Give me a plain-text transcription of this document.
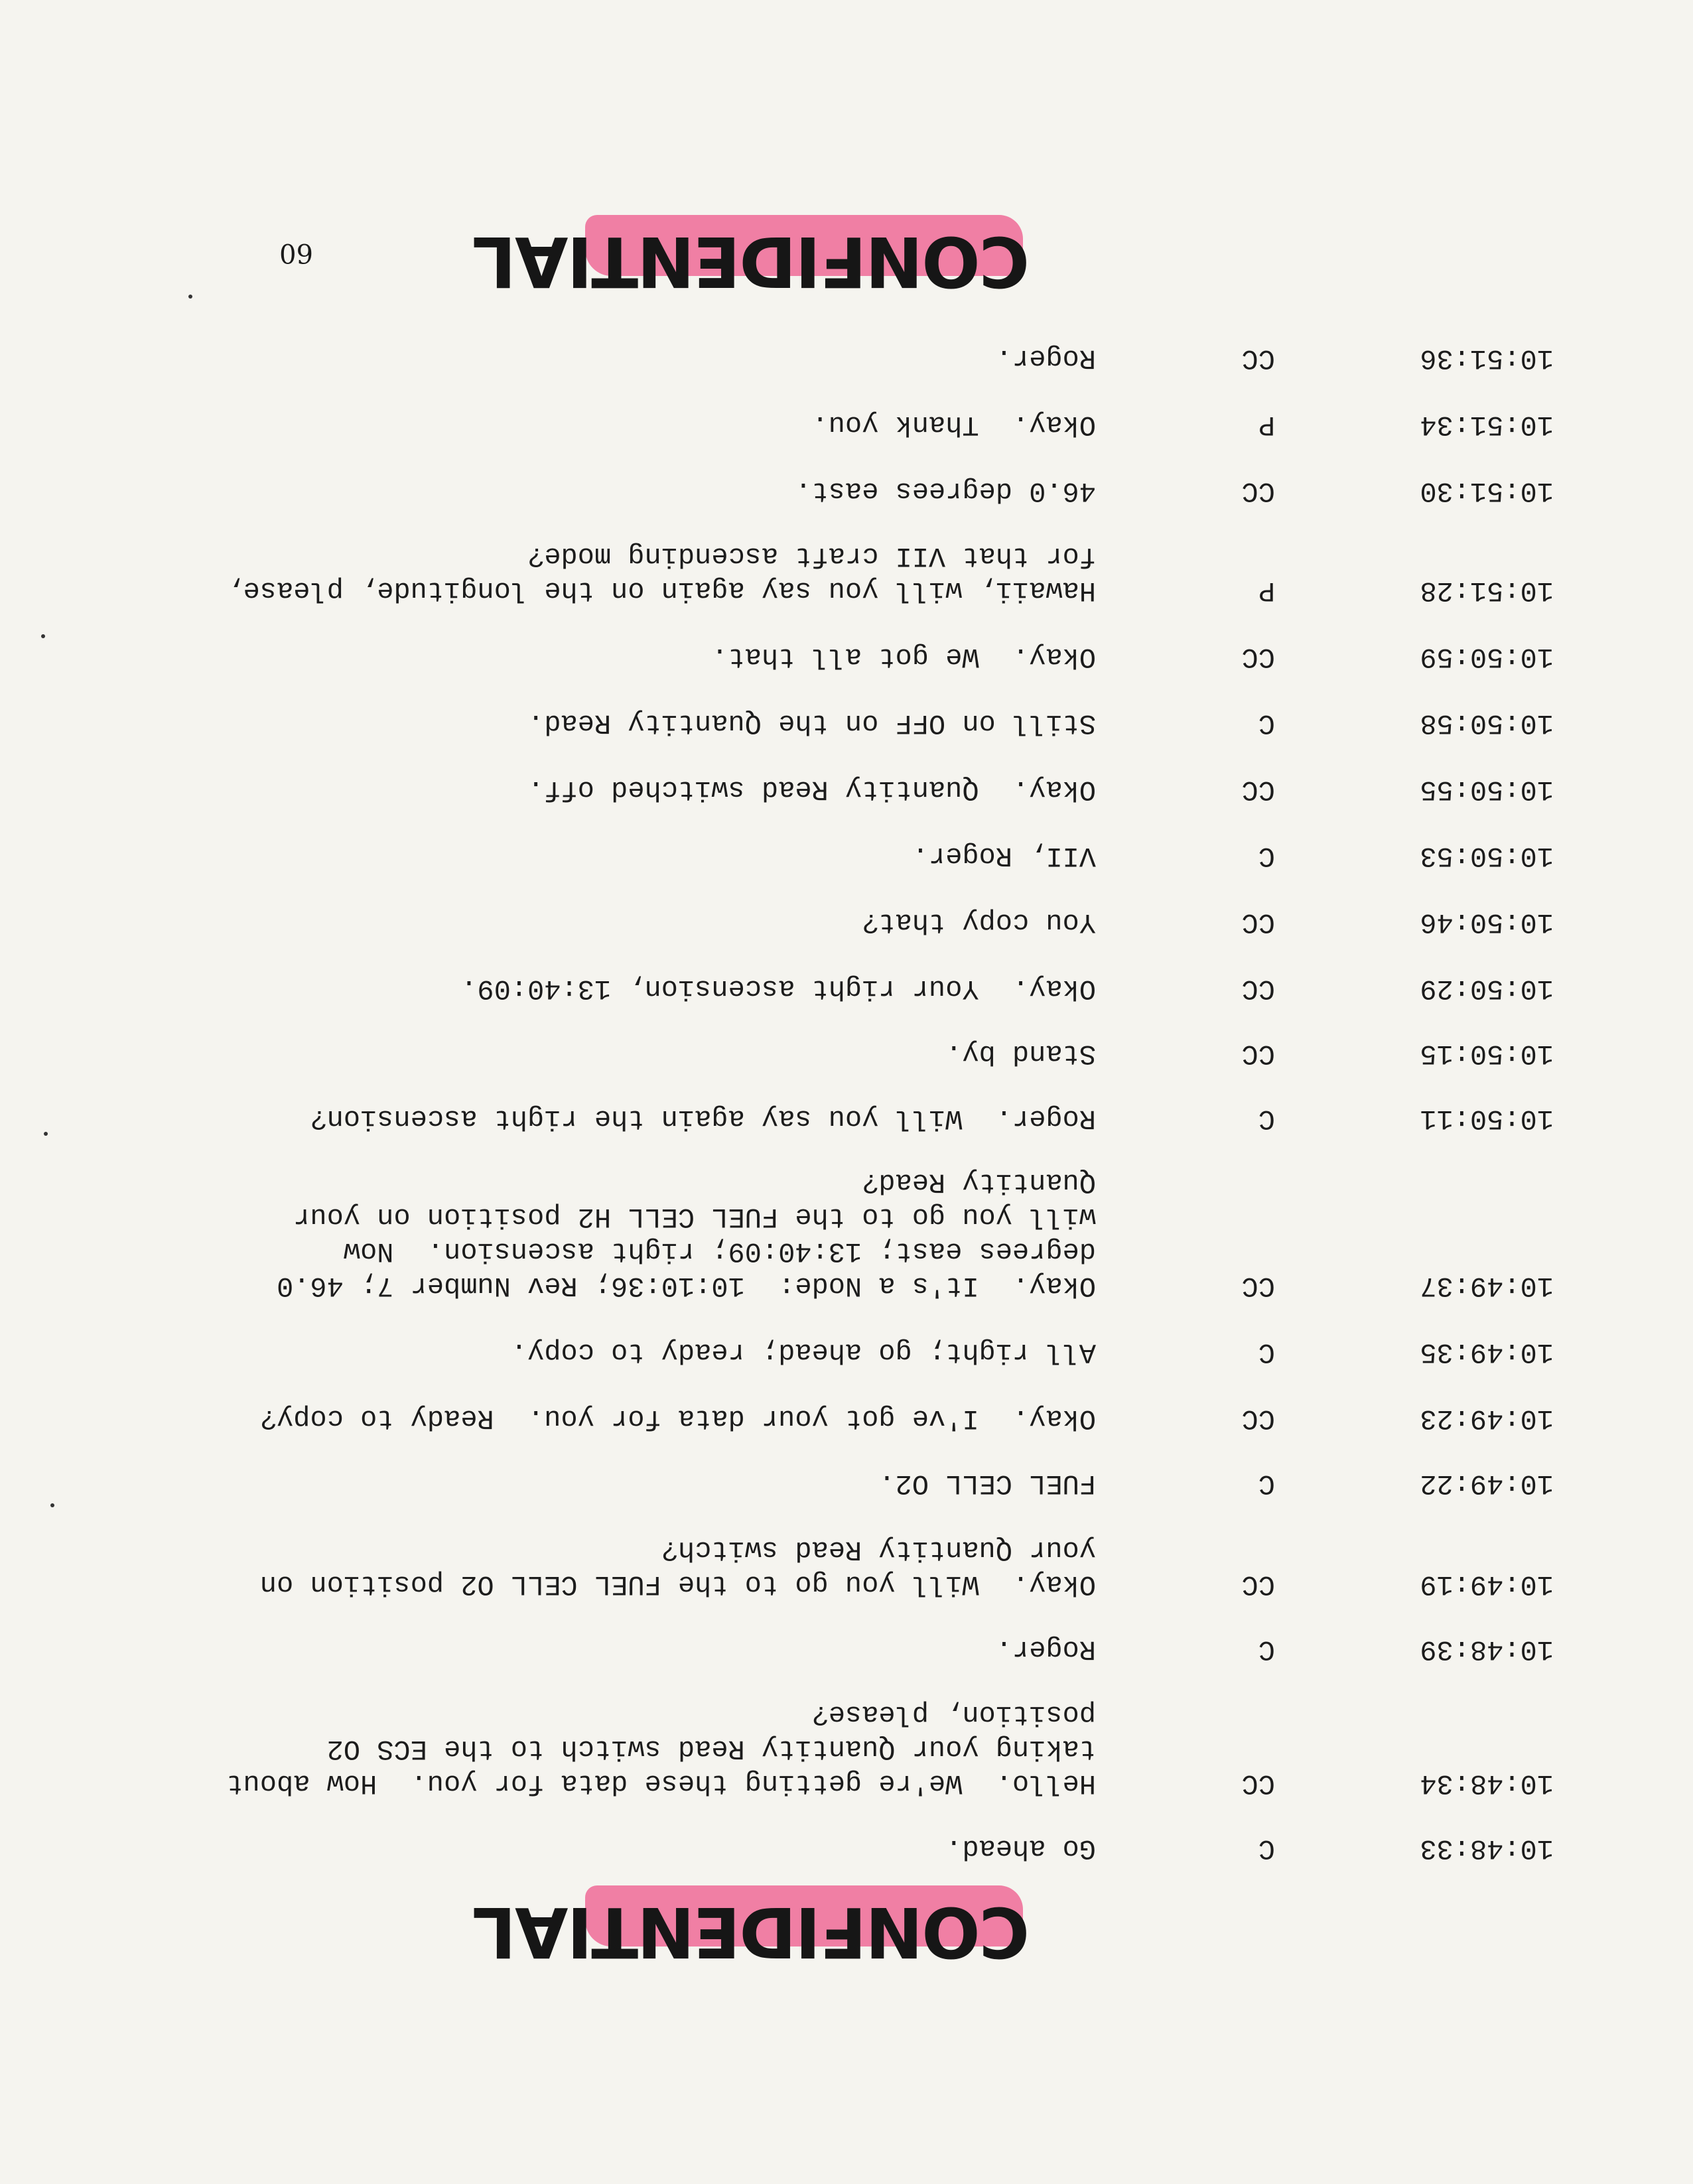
CONFIDENTIAL
60
10:48:33
C
Go ahead.
10:48:34
CC
Hello.  We're getting these data for you.  How about
taking your Quantity Read switch to the ECS O2
position, please?
10:48:39
C
Roger.
10:49:19
CC
Okay.  Will you go to the FUEL CELL O2 position on
your Quantity Read switch?
10:49:22
C
FUEL CELL O2.
10:49:23
CC
Okay.  I've got your data for you.  Ready to copy?
10:49:35
C
All right; go ahead; ready to copy.
10:49:37
CC
Okay.  It's a Node:  10:10:36; Rev Number 7; 46.0
degrees east; 13:40:09; right ascension.  Now
will you go to the FUEL CELL H2 position on your
Quantity Read?
10:50:11
C
Roger.  Will you say again the right ascension?
10:50:15
CC
Stand by.
10:50:29
CC
Okay.  Your right ascension, 13:40:09.
10:50:46
CC
You copy that?
10:50:53
C
VII, Roger.
10:50:55
CC
Okay.  Quantity Read switched off.
10:50:58
C
Still on OFF on the Quantity Read.
10:50:59
CC
Okay.  We got all that.
10:51:28
P
Hawaii, will you say again on the longitude, please,
for that VII craft ascending mode?
10:51:30
CC
46.0 degrees east.
10:51:34
P
Okay.  Thank you.
10:51:36
CC
Roger.
CONFIDENTIAL
